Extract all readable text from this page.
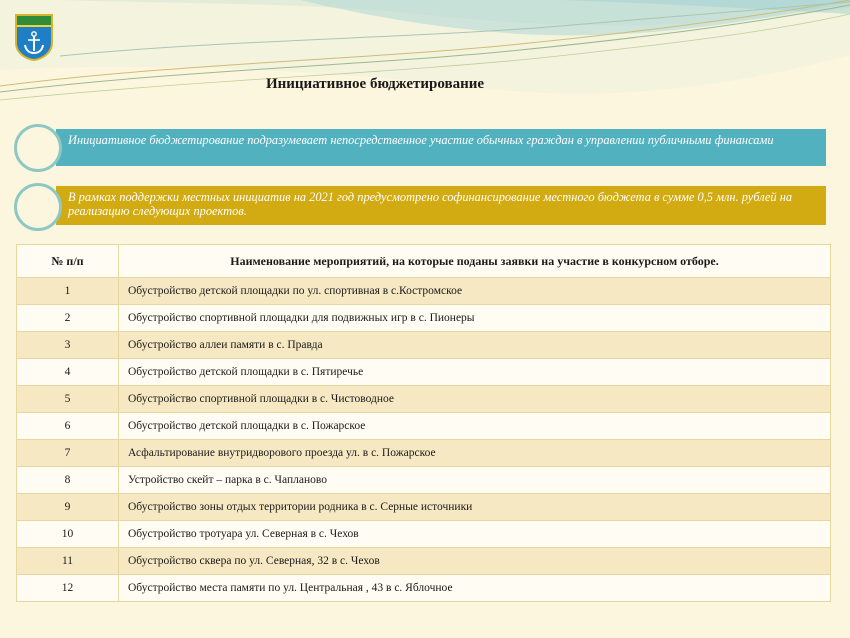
Инициативное бюджетирование
Инициативное бюджетирование подразумевает непосредственное участие обычных граждан в управлении публичными финансами
В рамках поддержки местных инициатив на 2021 год предусмотрено софинансирование местного бюджета в сумме 0,5 млн. рублей на реализацию следующих проектов.
№ п/п	Наименование мероприятий, на которые поданы заявки на участие в конкурсном отборе.
1	Обустройство детской площадки по ул. спортивная в с.Костромское
2	Обустройство спортивной площадки для подвижных игр в с. Пионеры
3	Обустройство аллеи памяти в с. Правда
4	Обустройство детской площадки в с. Пятиречье
5	Обустройство спортивной площадки в с. Чистоводное
6	Обустройство детской площадки в с. Пожарское
7	Асфальтирование внутридворового проезда ул. в с. Пожарское
8	Устройство скейт – парка в с. Чапланово
9	Обустройство зоны отдых территории родника в с. Серные источники
10	Обустройство тротуара ул. Северная в с. Чехов
11	Обустройство сквера по ул. Северная, 32 в с. Чехов
12	Обустройство места памяти по ул. Центральная , 43 в с. Яблочное
